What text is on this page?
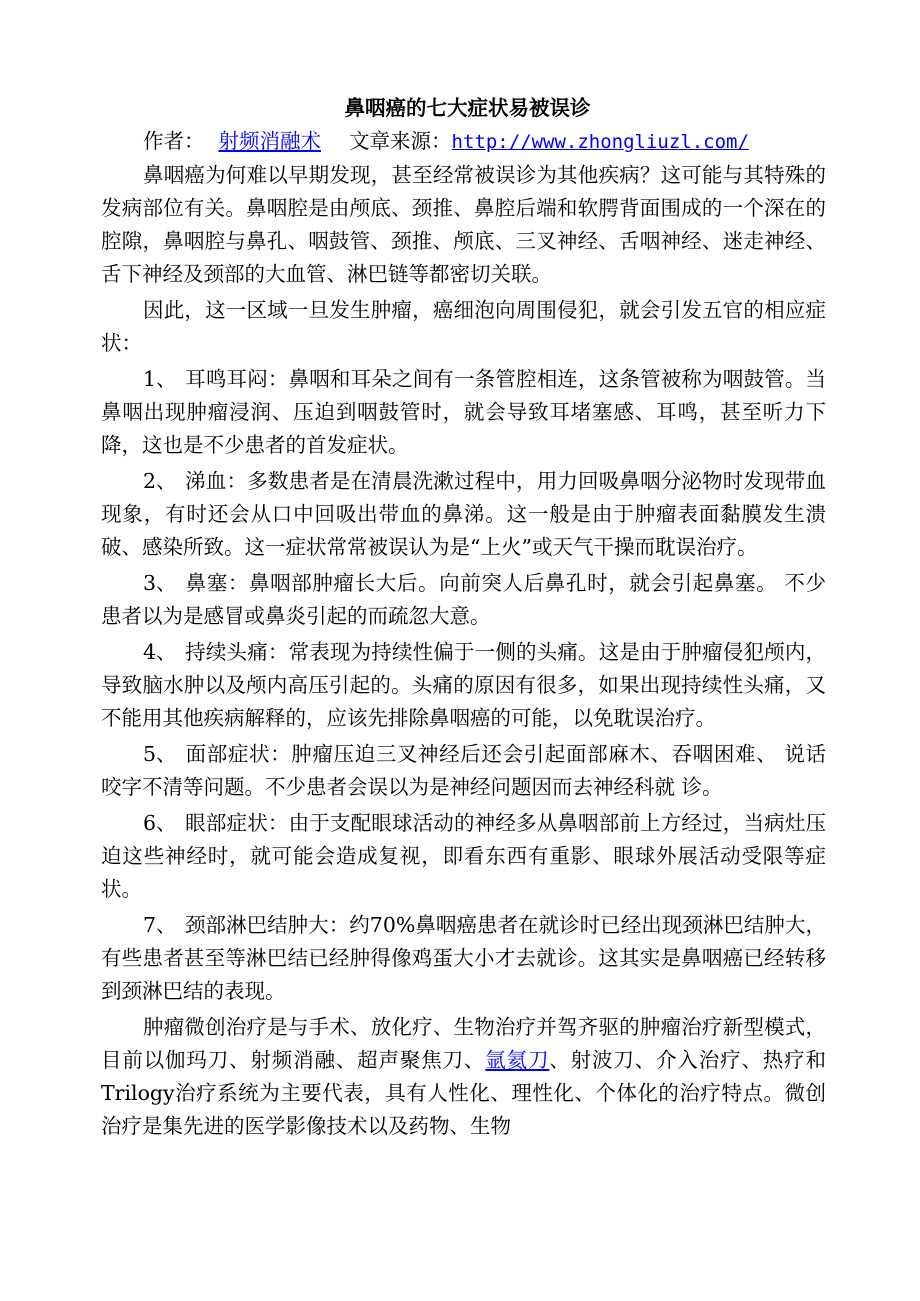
鼻咽癌的七大症状易被误诊
作者： 射频消融术 文章来源：http://www.zhongliuzl.com/

鼻咽癌为何难以早期发现，甚至经常被误诊为其他疾病？这可能与其特殊的发病部位有关。鼻咽腔是由颅底、颈推、鼻腔后端和软腭背面围成的一个深在的腔隙，鼻咽腔与鼻孔、咽鼓管、颈推、颅底、三叉神经、舌咽神经、迷走神经、舌下神经及颈部的大血管、淋巴链等都密切关联。

因此，这一区域一旦发生肿瘤，癌细泡向周围侵犯，就会引发五官的相应症状：

1、 耳鸣耳闷：鼻咽和耳朵之间有一条管腔相连，这条管被称为咽鼓管。当鼻咽出现肿瘤浸润、压迫到咽鼓管时，就会导致耳堵塞感、耳鸣，甚至听力下降，这也是不少患者的首发症状。

2、 涕血：多数患者是在清晨洗漱过程中，用力回吸鼻咽分泌物时发现带血现象，有时还会从口中回吸出带血的鼻涕。这一般是由于肿瘤表面黏膜发生溃破、感染所致。这一症状常常被误认为是“上火”或天气干操而耽误治疗。

3、 鼻塞：鼻咽部肿瘤长大后。向前突人后鼻孔时，就会引起鼻塞。 不少患者以为是感冒或鼻炎引起的而疏忽大意。

4、 持续头痛：常表现为持续性偏于一侧的头痛。这是由于肿瘤侵犯颅内，导致脑水肿以及颅内高压引起的。头痛的原因有很多，如果出现持续性头痛，又不能用其他疾病解释的，应该先排除鼻咽癌的可能，以免耽误治疗。

5、 面部症状：肿瘤压迫三叉神经后还会引起面部麻木、吞咽困难、 说话咬字不清等问题。不少患者会误以为是神经问题因而去神经科就 诊。

6、 眼部症状：由于支配眼球活动的神经多从鼻咽部前上方经过，当病灶压迫这些神经时，就可能会造成复视，即看东西有重影、眼球外展活动受限等症状。

7、 颈部淋巴结肿大：约70%鼻咽癌患者在就诊时已经出现颈淋巴结肿大，有些患者甚至等淋巴结已经肿得像鸡蛋大小才去就诊。这其实是鼻咽癌已经转移到颈淋巴结的表现。

肿瘤微创治疗是与手术、放化疗、生物治疗并驾齐驱的肿瘤治疗新型模式，目前以伽玛刀、射频消融、超声聚焦刀、氩氦刀、射波刀、介入治疗、热疗和Trilogy治疗系统为主要代表，具有人性化、理性化、个体化的治疗特点。微创治疗是集先进的医学影像技术以及药物、生物
